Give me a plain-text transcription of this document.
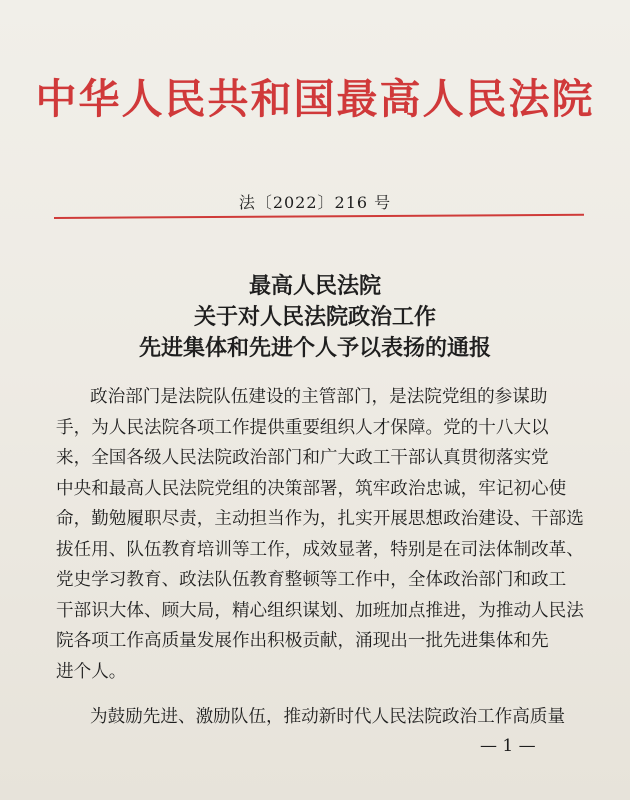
中华人民共和国最高人民法院
法〔2022〕216 号
最高人民法院
关于对人民法院政治工作
先进集体和先进个人予以表扬的通报
政治部门是法院队伍建设的主管部门，是法院党组的参谋助
手，为人民法院各项工作提供重要组织人才保障。党的十八大以
来，全国各级人民法院政治部门和广大政工干部认真贯彻落实党
中央和最高人民法院党组的决策部署，筑牢政治忠诚，牢记初心使
命，勤勉履职尽责，主动担当作为，扎实开展思想政治建设、干部选
拔任用、队伍教育培训等工作，成效显著，特别是在司法体制改革、
党史学习教育、政法队伍教育整顿等工作中，全体政治部门和政工
干部识大体、顾大局，精心组织谋划、加班加点推进，为推动人民法
院各项工作高质量发展作出积极贡献，涌现出一批先进集体和先
进个人。
为鼓励先进、激励队伍，推动新时代人民法院政治工作高质量
— 1 —
